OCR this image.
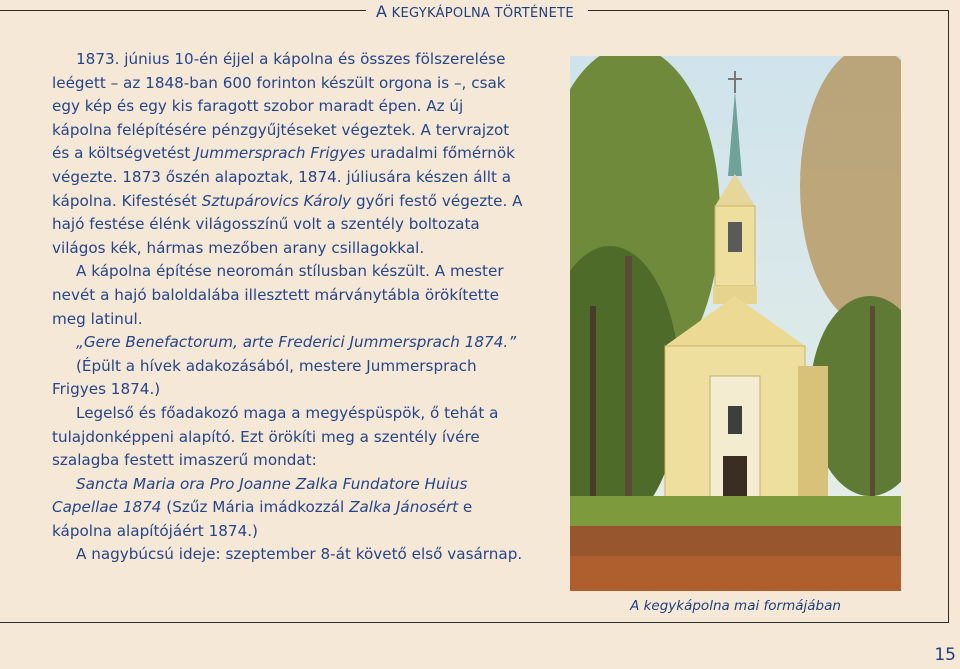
A KEGYKÁPOLNA TÖRTÉNETE

1873. június 10-én éjjel a kápolna és összes fölszerelése leégett – az 1848-ban 600 forinton készült orgona is –, csak egy kép és egy kis faragott szobor maradt épen. Az új kápolna felépítésére pénzgyűjtéseket végeztek. A tervrajzot és a költségvetést Jummersprach Frigyes uradalmi főmérnök végezte. 1873 őszén alapoztak, 1874. júliusára készen állt a kápolna. Kifestését Sztupárovics Károly győri festő végezte. A hajó festése élénk világosszínű volt a szentély boltozata világos kék, hármas mezőben arany csillagokkal.

A kápolna építése neoromán stílusban készült. A mester nevét a hajó baloldalába illesztett márványtábla örökítette meg latinul.

„Gere Benefactorum, arte Frederici Jummersprach 1874.”

(Épült a hívek adakozásából, mestere Jummersprach Frigyes 1874.)

Legelső és főadakozó maga a megyéspüspök, ő tehát a tulajdonképpeni alapító. Ezt örökíti meg a szentély ívére szalagba festett imaszerű mondat:

Sancta Maria ora Pro Joanne Zalka Fundatore Huius Capellae 1874 (Szűz Mária imádkozzál Zalka Jánosért e kápolna alapítójáért 1874.)

A nagybúcsú ideje: szeptember 8-át követő első vasárnap.

A kegykápolna mai formájában
15
